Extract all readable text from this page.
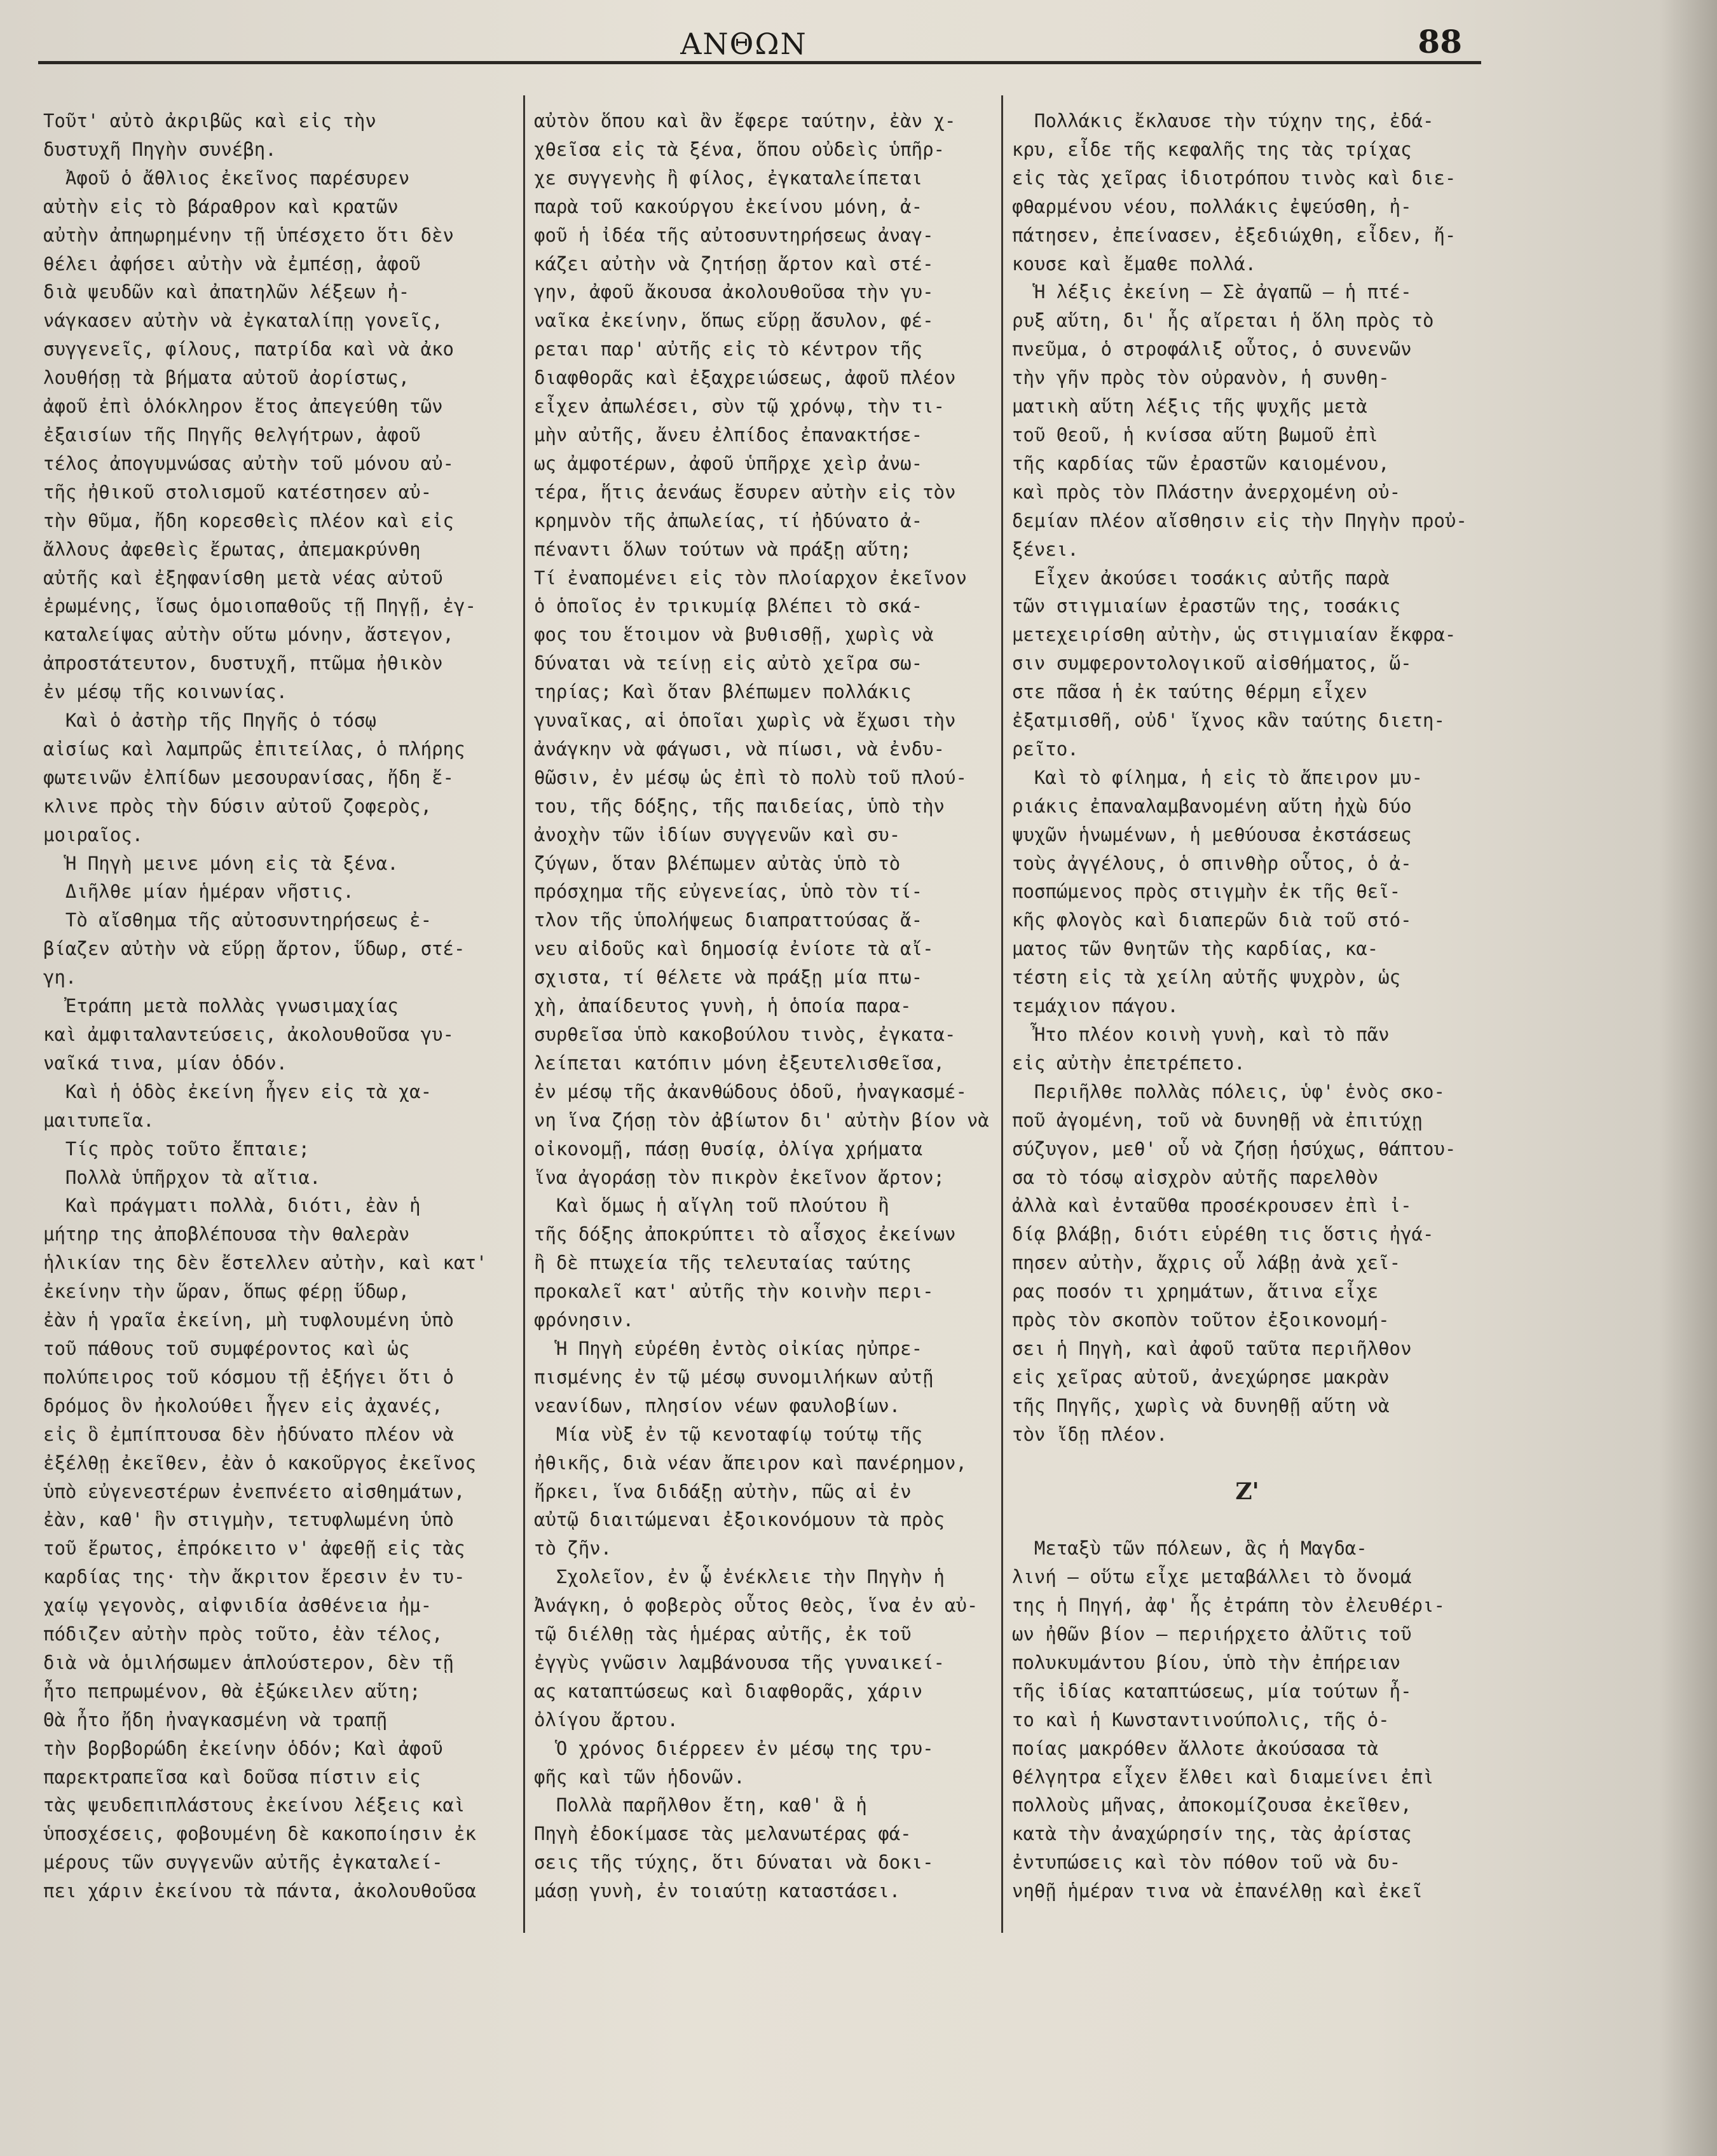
ΑΝΘΩΝ	88

Τοῦτ' αὐτὸ ἀκριβῶς καὶ εἰς τὴν

δυστυχῆ Πηγὴν συνέβη.

Ἀφοῦ ὁ ἄθλιος ἐκεῖνος παρέσυρεν

αὐτὴν εἰς τὸ βάραθρον καὶ κρατῶν

αὐτὴν ἀπηωρημένην τῇ ὑπέσχετο ὅτι δὲν

θέλει ἀφήσει αὐτὴν νὰ ἐμπέσῃ, ἀφοῦ

διὰ ψευδῶν καὶ ἀπατηλῶν λέξεων ἠ-

νάγκασεν αὐτὴν νὰ ἐγκαταλίπῃ γονεῖς,

συγγενεῖς, φίλους, πατρίδα καὶ νὰ ἀκο

λουθήσῃ τὰ βήματα αὐτοῦ ἀορίστως,

ἀφοῦ ἐπὶ ὁλόκληρον ἔτος ἀπεγεύθη τῶν

ἐξαισίων τῆς Πηγῆς θελγήτρων, ἀφοῦ

τέλος ἀπογυμνώσας αὐτὴν τοῦ μόνου αὐ-

τῆς ἠθικοῦ στολισμοῦ κατέστησεν αὐ-

τὴν θῦμα, ἤδη κορεσθεὶς πλέον καὶ εἰς

ἄλλους ἀφεθεὶς ἔρωτας, ἀπεμακρύνθη

αὐτῆς καὶ ἐξηφανίσθη μετὰ νέας αὐτοῦ

ἐρωμένης, ἴσως ὁμοιοπαθοῦς τῇ Πηγῇ, ἐγ-

καταλείψας αὐτὴν οὕτω μόνην, ἄστεγον,

ἀπροστάτευτον, δυστυχῆ, πτῶμα ἠθικὸν

ἐν μέσῳ τῆς κοινωνίας.

Καὶ ὁ ἀστὴρ τῆς Πηγῆς ὁ τόσῳ

αἰσίως καὶ λαμπρῶς ἐπιτείλας, ὁ πλήρης

φωτεινῶν ἐλπίδων μεσουρανίσας, ἤδη ἔ-

κλινε πρὸς τὴν δύσιν αὐτοῦ ζοφερὸς,

μοιραῖος.

Ἡ Πηγὴ μεινε μόνη εἰς τὰ ξένα.

Διῆλθε μίαν ἡμέραν νῆστις.

Τὸ αἴσθημα τῆς αὐτοσυντηρήσεως ἐ-

βίαζεν αὐτὴν νὰ εὕρῃ ἄρτον, ὕδωρ, στέ-

γη.

Ἐτράπη μετὰ πολλὰς γνωσιμαχίας

καὶ ἀμφιταλαντεύσεις, ἀκολουθοῦσα γυ-

ναῖκά τινα, μίαν ὁδόν.

Καὶ ἡ ὁδὸς ἐκείνη ἦγεν εἰς τὰ χα-

μαιτυπεῖα.

Τίς πρὸς τοῦτο ἔπταιε;

Πολλὰ ὑπῆρχον τὰ αἴτια.

Καὶ πράγματι πολλὰ, διότι, ἐὰν ἡ

μήτηρ της ἀποβλέπουσα τὴν θαλερὰν

ἡλικίαν της δὲν ἔστελλεν αὐτὴν, καὶ κατ'

ἐκείνην τὴν ὥραν, ὅπως φέρῃ ὕδωρ,

ἐὰν ἡ γραῖα ἐκείνη, μὴ τυφλουμένη ὑπὸ

τοῦ πάθους τοῦ συμφέροντος καὶ ὡς

πολύπειρος τοῦ κόσμου τῇ ἐξήγει ὅτι ὁ

δρόμος ὃν ἠκολούθει ἦγεν εἰς ἀχανές,

εἰς ὃ ἐμπίπτουσα δὲν ἠδύνατο πλέον νὰ

ἐξέλθῃ ἐκεῖθεν, ἐὰν ὁ κακοῦργος ἐκεῖνος

ὑπὸ εὐγενεστέρων ἐνεπνέετο αἰσθημάτων,

ἐὰν, καθ' ἣν στιγμὴν, τετυφλωμένη ὑπὸ

τοῦ ἔρωτος, ἐπρόκειτο ν' ἀφεθῇ εἰς τὰς

καρδίας της· τὴν ἄκριτον ἔρεσιν ἐν τυ-

χαίῳ γεγονὸς, αἰφνιδία ἀσθένεια ἠμ-

πόδιζεν αὐτὴν πρὸς τοῦτο, ἐὰν τέλος,

διὰ νὰ ὁμιλήσωμεν ἁπλούστερον, δὲν τῇ

ἦτο πεπρωμένον, θὰ ἐξώκειλεν αὕτη;

Θὰ ἦτο ἤδη ἠναγκασμένη νὰ τραπῇ

τὴν βορβορώδη ἐκείνην ὁδόν; Καὶ ἀφοῦ

παρεκτραπεῖσα καὶ δοῦσα πίστιν εἰς

τὰς ψευδεπιπλάστους ἐκείνου λέξεις καὶ

ὑποσχέσεις, φοβουμένη δὲ κακοποίησιν ἐκ

μέρους τῶν συγγενῶν αὐτῆς ἐγκαταλεί-

πει χάριν ἐκείνου τὰ πάντα, ἀκολουθοῦσα

αὐτὸν ὅπου καὶ ἂν ἔφερε ταύτην, ἐὰν χ-

χθεῖσα εἰς τὰ ξένα, ὅπου οὐδεὶς ὑπῆρ-

χε συγγενὴς ἢ φίλος, ἐγκαταλείπεται

παρὰ τοῦ κακούργου ἐκείνου μόνη, ἀ-

φοῦ ἡ ἰδέα τῆς αὐτοσυντηρήσεως ἀναγ-

κάζει αὐτὴν νὰ ζητήσῃ ἄρτον καὶ στέ-

γην, ἀφοῦ ἄκουσα ἀκολουθοῦσα τὴν γυ-

ναῖκα ἐκείνην, ὅπως εὕρῃ ἄσυλον, φέ-

ρεται παρ' αὐτῆς εἰς τὸ κέντρον τῆς

διαφθορᾶς καὶ ἐξαχρειώσεως, ἀφοῦ πλέον

εἶχεν ἀπωλέσει, σὺν τῷ χρόνῳ, τὴν τι-

μὴν αὐτῆς, ἄνευ ἐλπίδος ἐπανακτήσε-

ως ἀμφοτέρων, ἀφοῦ ὑπῆρχε χεὶρ ἀνω-

τέρα, ἥτις ἀενάως ἔσυρεν αὐτὴν εἰς τὸν

κρημνὸν τῆς ἀπωλείας, τί ἠδύνατο ἀ-

πέναντι ὅλων τούτων νὰ πράξῃ αὕτη;

Τί ἐναπομένει εἰς τὸν πλοίαρχον ἐκεῖνον

ὁ ὁποῖος ἐν τρικυμίᾳ βλέπει τὸ σκά-

φος του ἕτοιμον νὰ βυθισθῇ, χωρὶς νὰ

δύναται νὰ τείνῃ εἰς αὐτὸ χεῖρα σω-

τηρίας; Καὶ ὅταν βλέπωμεν πολλάκις

γυναῖκας, αἱ ὁποῖαι χωρὶς νὰ ἔχωσι τὴν

ἀνάγκην νὰ φάγωσι, νὰ πίωσι, νὰ ἐνδυ-

θῶσιν, ἐν μέσῳ ὡς ἐπὶ τὸ πολὺ τοῦ πλού-

του, τῆς δόξης, τῆς παιδείας, ὑπὸ τὴν

ἀνοχὴν τῶν ἰδίων συγγενῶν καὶ συ-

ζύγων, ὅταν βλέπωμεν αὐτὰς ὑπὸ τὸ

πρόσχημα τῆς εὐγενείας, ὑπὸ τὸν τί-

τλον τῆς ὑπολήψεως διαπραττούσας ἄ-

νευ αἰδοῦς καὶ δημοσίᾳ ἐνίοτε τὰ αἴ-

σχιστα, τί θέλετε νὰ πράξῃ μία πτω-

χὴ, ἀπαίδευτος γυνὴ, ἡ ὁποία παρα-

συρθεῖσα ὑπὸ κακοβούλου τινὸς, ἐγκατα-

λείπεται κατόπιν μόνη ἐξευτελισθεῖσα,

ἐν μέσῳ τῆς ἀκανθώδους ὁδοῦ, ἠναγκασμέ-

νη ἵνα ζήσῃ τὸν ἀβίωτον δι' αὐτὴν βίον νὰ

οἰκονομῇ, πάσῃ θυσίᾳ, ὀλίγα χρήματα

ἵνα ἀγοράσῃ τὸν πικρὸν ἐκεῖνον ἄρτον;

Καὶ ὅμως ἡ αἴγλη τοῦ πλούτου ἢ

τῆς δόξης ἀποκρύπτει τὸ αἶσχος ἐκείνων

ἢ δὲ πτωχεία τῆς τελευταίας ταύτης

προκαλεῖ κατ' αὐτῆς τὴν κοινὴν περι-

φρόνησιν.

Ἡ Πηγὴ εὑρέθη ἐντὸς οἰκίας ηὐπρε-

πισμένης ἐν τῷ μέσῳ συνομιλήκων αὐτῇ

νεανίδων, πλησίον νέων φαυλοβίων.

Μία νὺξ ἐν τῷ κενοταφίῳ τούτῳ τῆς

ἠθικῆς, διὰ νέαν ἄπειρον καὶ πανέρημον,

ἤρκει, ἵνα διδάξῃ αὐτὴν, πῶς αἱ ἐν

αὐτῷ διαιτώμεναι ἐξοικονόμουν τὰ πρὸς

τὸ ζῆν.

Σχολεῖον, ἐν ᾧ ἐνέκλειε τὴν Πηγὴν ἡ

Ἀνάγκη, ὁ φοβερὸς οὗτος Θεὸς, ἵνα ἐν αὐ-

τῷ διέλθῃ τὰς ἡμέρας αὐτῆς, ἐκ τοῦ

ἐγγὺς γνῶσιν λαμβάνουσα τῆς γυναικεί-

ας καταπτώσεως καὶ διαφθορᾶς, χάριν

ὀλίγου ἄρτου.

Ὁ χρόνος διέρρεεν ἐν μέσῳ της τρυ-

φῆς καὶ τῶν ἡδονῶν.

Πολλὰ παρῆλθον ἔτη, καθ' ἃ ἡ

Πηγὴ ἐδοκίμασε τὰς μελανωτέρας φά-

σεις τῆς τύχης, ὅτι δύναται νὰ δοκι-

μάσῃ γυνὴ, ἐν τοιαύτῃ καταστάσει.

Πολλάκις ἔκλαυσε τὴν τύχην της, ἐδά-

κρυ, εἶδε τῆς κεφαλῆς της τὰς τρίχας

εἰς τὰς χεῖρας ἰδιοτρόπου τινὸς καὶ διε-

φθαρμένου νέου, πολλάκις ἐψεύσθη, ἠ-

πάτησεν, ἐπείνασεν, ἐξεδιώχθη, εἶδεν, ἤ-

κουσε καὶ ἔμαθε πολλά.

Ἡ λέξις ἐκείνη — Σὲ ἀγαπῶ — ἡ πτέ-

ρυξ αὕτη, δι' ἧς αἴρεται ἡ ὅλη πρὸς τὸ

πνεῦμα, ὁ στροφάλιξ οὗτος, ὁ συνενῶν

τὴν γῆν πρὸς τὸν οὐρανὸν, ἡ συνθη-

ματικὴ αὕτη λέξις τῆς ψυχῆς μετὰ

τοῦ Θεοῦ, ἡ κνίσσα αὕτη βωμοῦ ἐπὶ

τῆς καρδίας τῶν ἐραστῶν καιομένου,

καὶ πρὸς τὸν Πλάστην ἀνερχομένη οὐ-

δεμίαν πλέον αἴσθησιν εἰς τὴν Πηγὴν προὐ-

ξένει.

Εἶχεν ἀκούσει τοσάκις αὐτῆς παρὰ

τῶν στιγμιαίων ἐραστῶν της, τοσάκις

μετεχειρίσθη αὐτὴν, ὡς στιγμιαίαν ἔκφρα-

σιν συμφεροντολογικοῦ αἰσθήματος, ὥ-

στε πᾶσα ἡ ἐκ ταύτης θέρμη εἶχεν

ἐξατμισθῆ, οὐδ' ἴχνος κἂν ταύτης διετη-

ρεῖτο.

Καὶ τὸ φίλημα, ἡ εἰς τὸ ἄπειρον μυ-

ριάκις ἐπαναλαμβανομένη αὕτη ἠχὼ δύο

ψυχῶν ἡνωμένων, ἡ μεθύουσα ἐκστάσεως

τοὺς ἀγγέλους, ὁ σπινθὴρ οὗτος, ὁ ἀ-

ποσπώμενος πρὸς στιγμὴν ἐκ τῆς θεῖ-

κῆς φλογὸς καὶ διαπερῶν διὰ τοῦ στό-

ματος τῶν θνητῶν τὴς καρδίας, κα-

τέστη εἰς τὰ χείλη αὐτῆς ψυχρὸν, ὡς

τεμάχιον πάγου.

Ἦτο πλέον κοινὴ γυνὴ, καὶ τὸ πᾶν

εἰς αὐτὴν ἐπετρέπετο.

Περιῆλθε πολλὰς πόλεις, ὑφ' ἑνὸς σκο-

ποῦ ἀγομένη, τοῦ νὰ δυνηθῇ νὰ ἐπιτύχῃ

σύζυγον, μεθ' οὗ νὰ ζήσῃ ἡσύχως, θάπτου-

σα τὸ τόσῳ αἰσχρὸν αὐτῆς παρελθὸν

ἀλλὰ καὶ ἐνταῦθα προσέκρουσεν ἐπὶ ἰ-

δίᾳ βλάβῃ, διότι εὑρέθη τις ὅστις ἠγά-

πησεν αὐτὴν, ἄχρις οὗ λάβῃ ἀνὰ χεῖ-

ρας ποσόν τι χρημάτων, ἅτινα εἶχε

πρὸς τὸν σκοπὸν τοῦτον ἐξοικονομή-

σει ἡ Πηγὴ, καὶ ἀφοῦ ταῦτα περιῆλθον

εἰς χεῖρας αὐτοῦ, ἀνεχώρησε μακρὰν

τῆς Πηγῆς, χωρὶς νὰ δυνηθῇ αὕτη νὰ

τὸν ἴδῃ πλέον.

Ζ'

Μεταξὺ τῶν πόλεων, ἃς ἡ Μαγδα-

λινή — οὕτω εἶχε μεταβάλλει τὸ ὄνομά

της ἡ Πηγή, ἀφ' ἧς ἐτράπη τὸν ἐλευθέρι-

ων ἠθῶν βίον — περιήρχετο ἀλῦτις τοῦ

πολυκυμάντου βίου, ὑπὸ τὴν ἐπήρειαν

τῆς ἰδίας καταπτώσεως, μία τούτων ἦ-

το καὶ ἡ Κωνσταντινούπολις, τῆς ὁ-

ποίας μακρόθεν ἄλλοτε ἀκούσασα τὰ

θέλγητρα εἶχεν ἔλθει καὶ διαμείνει ἐπὶ

πολλοὺς μῆνας, ἀποκομίζουσα ἐκεῖθεν,

κατὰ τὴν ἀναχώρησίν της, τὰς ἀρίστας

ἐντυπώσεις καὶ τὸν πόθον τοῦ νὰ δυ-

νηθῇ ἡμέραν τινα νὰ ἐπανέλθῃ καὶ ἐκεῖ
